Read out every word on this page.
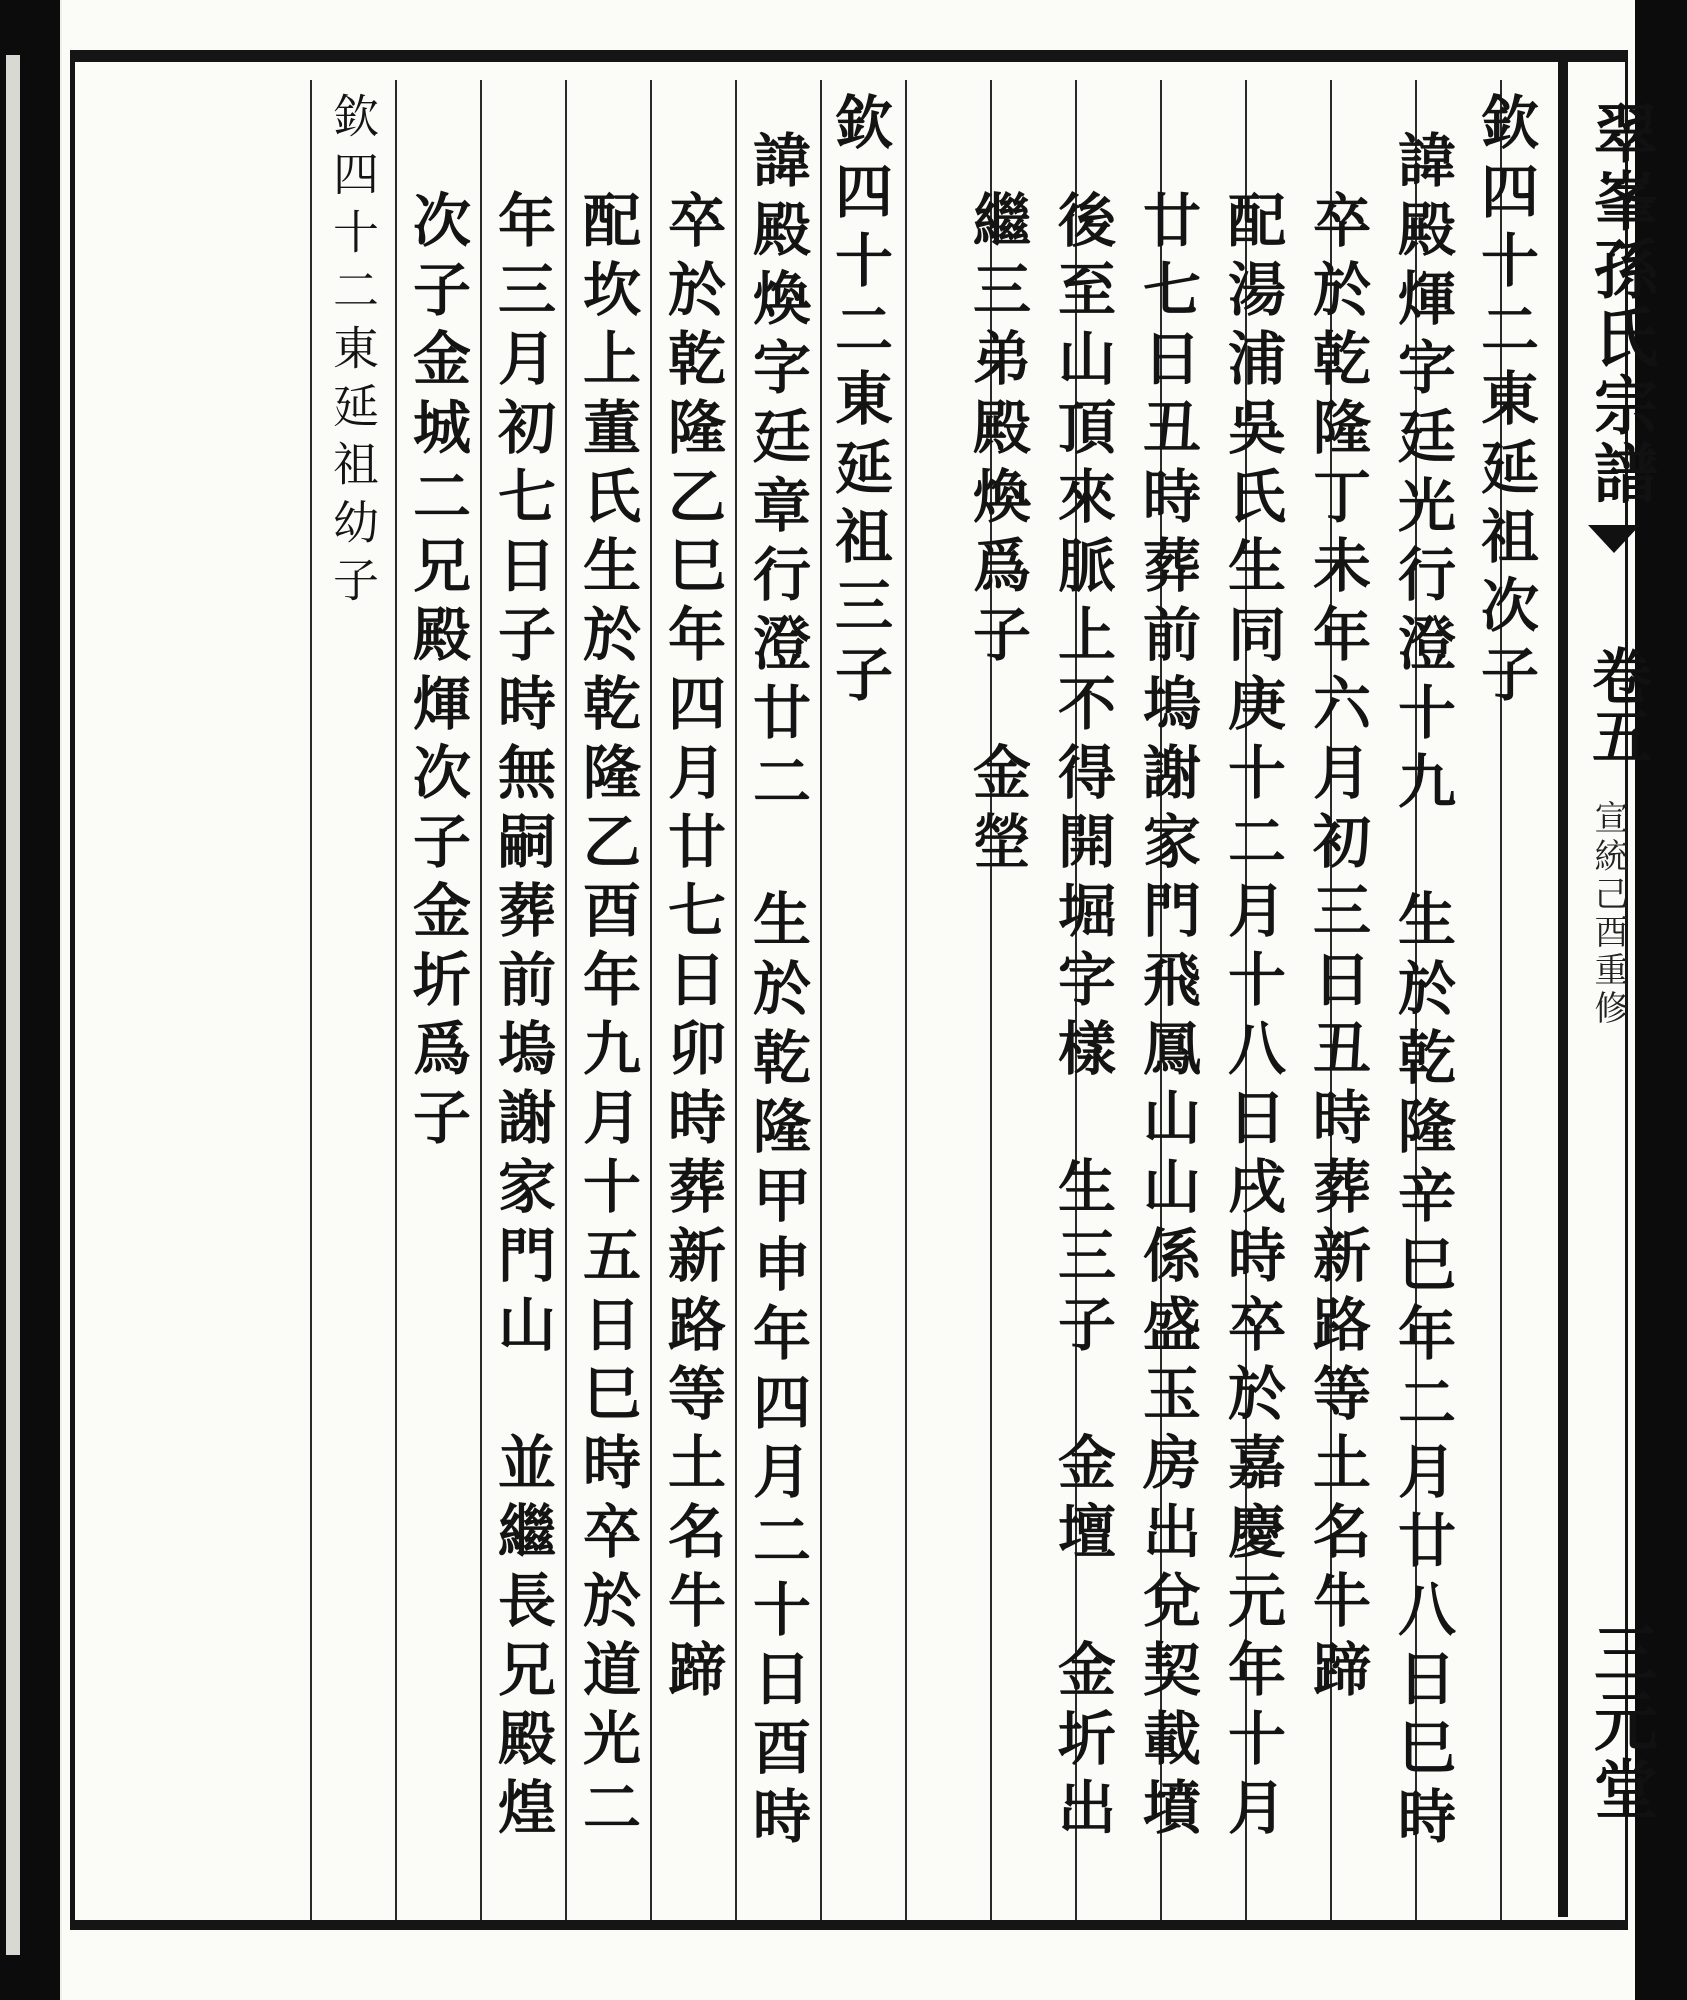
欽四十二東延祖次子
諱殿煇字廷光行澄十九　生於乾隆辛巳年二月廿八日巳時
卒於乾隆丁未年六月初三日丑時葬新路等土名牛蹄
配湯浦吳氏生同庚十二月十八日戌時卒於嘉慶元年十月
廿七日丑時葬前塢謝家門飛鳳山山係盛玉房出兌契載墳
後至山頂來脈上不得開堀字樣　生三子　金壇　金圻出
繼三弟殿煥爲子　金塋
欽四十二東延祖三子
諱殿煥字廷章行澄廿二　生於乾隆甲申年四月二十日酉時
卒於乾隆乙巳年四月廿七日卯時葬新路等土名牛蹄
配坎上董氏生於乾隆乙酉年九月十五日巳時卒於道光二
年三月初七日子時無嗣葬前塢謝家門山　並繼長兄殿煌
次子金城二兄殿煇次子金圻爲子
欽四十二東延祖幼子	翠峯孫氏宗譜
卷五
宣統己酉重修
三元堂
